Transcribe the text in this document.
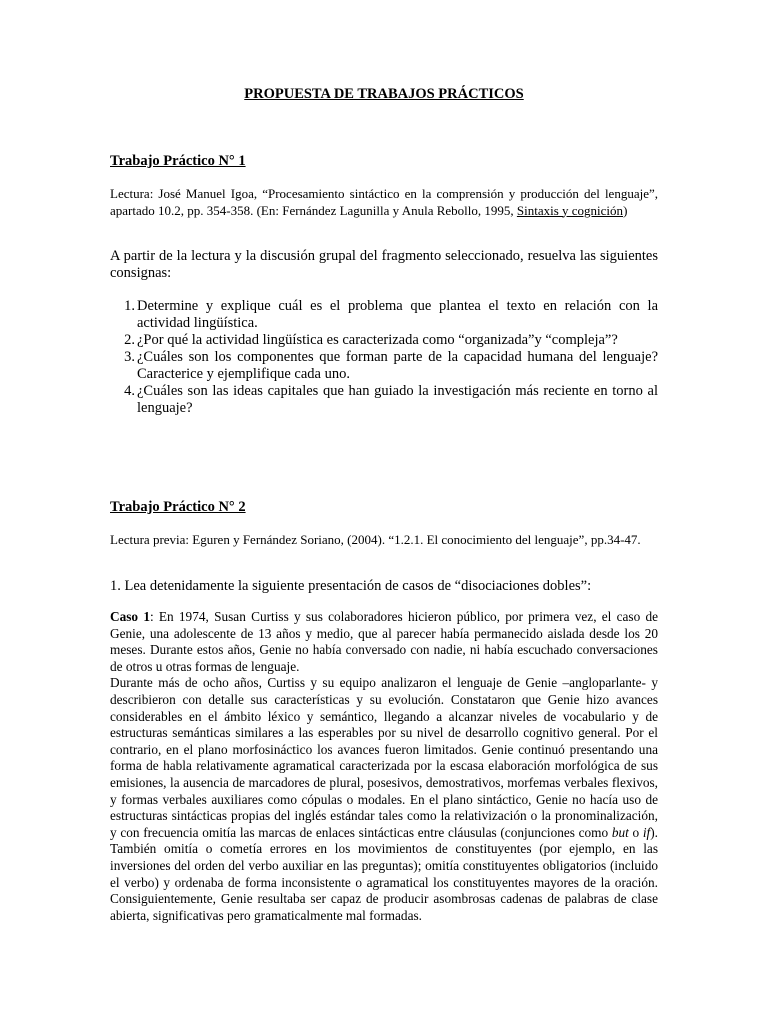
PROPUESTA DE TRABAJOS PRÁCTICOS
Trabajo Práctico N° 1
Lectura: José Manuel Igoa, “Procesamiento sintáctico en la comprensión y producción del lenguaje”, apartado 10.2, pp. 354-358. (En: Fernández Lagunilla y Anula Rebollo, 1995, Sintaxis y cognición)
A partir de la lectura y la discusión grupal del fragmento seleccionado, resuelva las siguientes consignas:
1. Determine y explique cuál es el problema que plantea el texto en relación con la actividad lingüística.
2. ¿Por qué la actividad lingüística es caracterizada como “organizada”y “compleja”?
3. ¿Cuáles son los componentes que forman parte de la capacidad humana del lenguaje? Caracterice y ejemplifique cada uno.
4. ¿Cuáles son las ideas capitales que han guiado la investigación más reciente en torno al lenguaje?
Trabajo Práctico N° 2
Lectura previa: Eguren y Fernández Soriano, (2004). “1.2.1. El conocimiento del lenguaje”, pp.34-47.
1. Lea detenidamente la siguiente presentación de casos de “disociaciones dobles”:
Caso 1: En 1974, Susan Curtiss y sus colaboradores hicieron público, por primera vez, el caso de Genie, una adolescente de 13 años y medio, que al parecer había permanecido aislada desde los 20 meses. Durante estos años, Genie no había conversado con nadie, ni había escuchado conversaciones de otros u otras formas de lenguaje.
Durante más de ocho años, Curtiss y su equipo analizaron el lenguaje de Genie –angloparlante- y describieron con detalle sus características y su evolución. Constataron que Genie hizo avances considerables en el ámbito léxico y semántico, llegando a alcanzar niveles de vocabulario y de estructuras semánticas similares a las esperables por su nivel de desarrollo cognitivo general. Por el contrario, en el plano morfosináctico los avances fueron limitados. Genie continuó presentando una forma de habla relativamente agramatical caracterizada por la escasa elaboración morfológica de sus emisiones, la ausencia de marcadores de plural, posesivos, demostrativos, morfemas verbales flexivos, y formas verbales auxiliares como cópulas o modales. En el plano sintáctico, Genie no hacía uso de estructuras sintácticas propias del inglés estándar tales como la relativización o la pronominalización, y con frecuencia omitía las marcas de enlaces sintácticas entre cláusulas (conjunciones como but o if). También omitía o cometía errores en los movimientos de constituyentes (por ejemplo, en las inversiones del orden del verbo auxiliar en las preguntas); omitía constituyentes obligatorios (incluido el verbo) y ordenaba de forma inconsistente o agramatical los constituyentes mayores de la oración. Consiguientemente, Genie resultaba ser capaz de producir asombrosas cadenas de palabras de clase abierta, significativas pero gramaticalmente mal formadas.
